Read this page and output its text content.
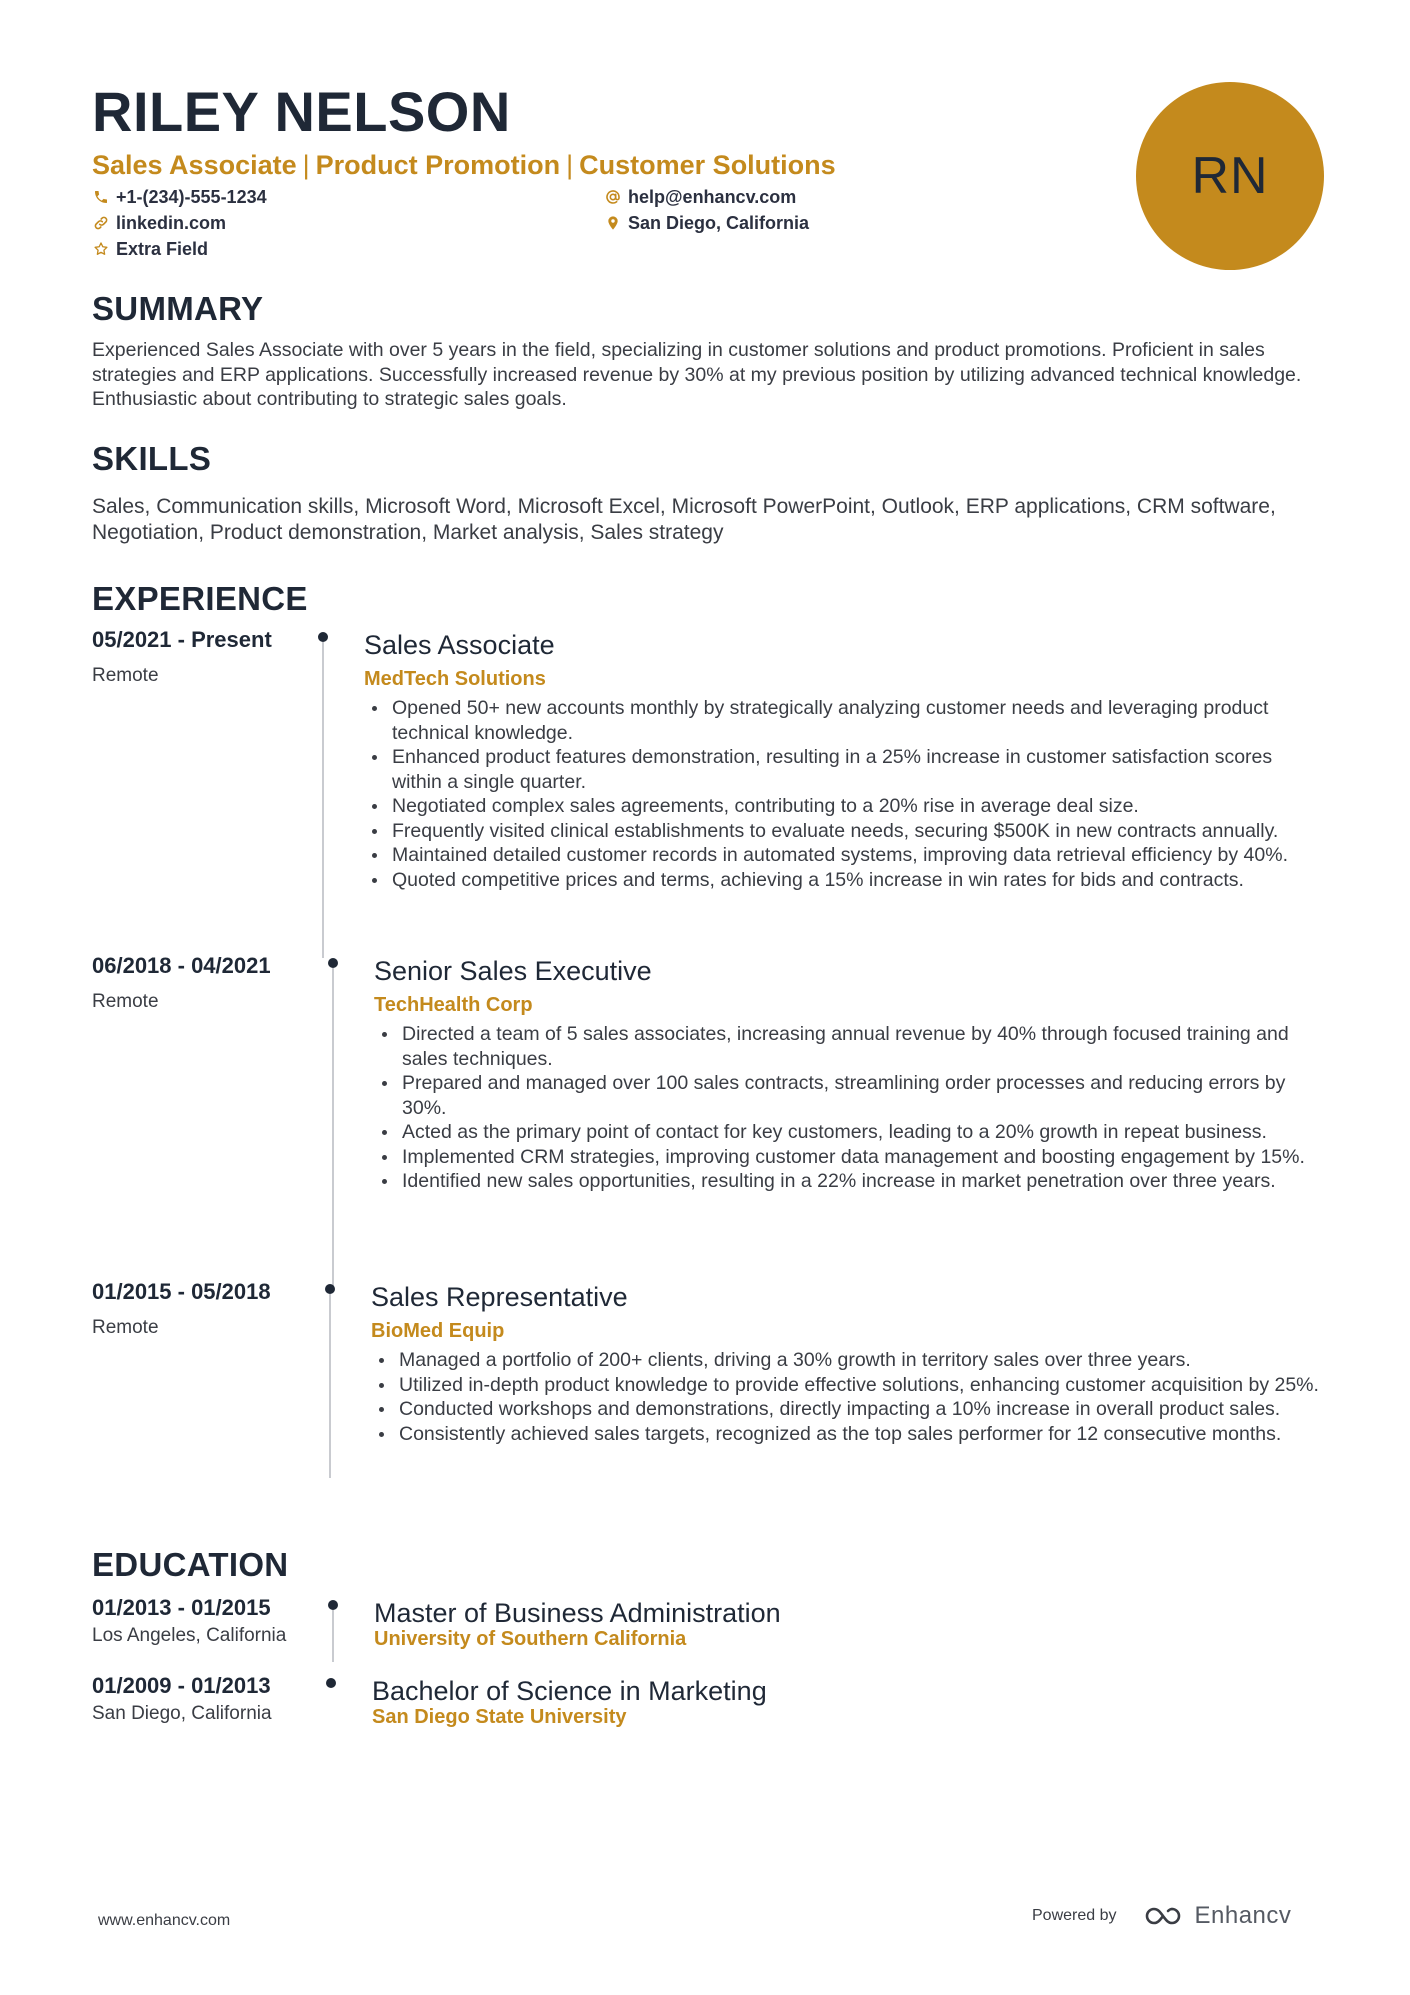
RILEY NELSON
Sales Associate | Product Promotion | Customer Solutions
+1-(234)-555-1234	help@enhancv.com
linkedin.com	San Diego, California
Extra Field
RN
SUMMARY
Experienced Sales Associate with over 5 years in the field, specializing in customer solutions and product promotions. Proficient in sales strategies and ERP applications. Successfully increased revenue by 30% at my previous position by utilizing advanced technical knowledge. Enthusiastic about contributing to strategic sales goals.
SKILLS
Sales, Communication skills, Microsoft Word, Microsoft Excel, Microsoft PowerPoint, Outlook, ERP applications, CRM software, Negotiation, Product demonstration, Market analysis, Sales strategy
EXPERIENCE
05/2021 - Present
Remote
Sales Associate
MedTech Solutions
Opened 50+ new accounts monthly by strategically analyzing customer needs and leveraging product technical knowledge.
Enhanced product features demonstration, resulting in a 25% increase in customer satisfaction scores within a single quarter.
Negotiated complex sales agreements, contributing to a 20% rise in average deal size.
Frequently visited clinical establishments to evaluate needs, securing $500K in new contracts annually.
Maintained detailed customer records in automated systems, improving data retrieval efficiency by 40%.
Quoted competitive prices and terms, achieving a 15% increase in win rates for bids and contracts.
06/2018 - 04/2021
Remote
Senior Sales Executive
TechHealth Corp
Directed a team of 5 sales associates, increasing annual revenue by 40% through focused training and sales techniques.
Prepared and managed over 100 sales contracts, streamlining order processes and reducing errors by 30%.
Acted as the primary point of contact for key customers, leading to a 20% growth in repeat business.
Implemented CRM strategies, improving customer data management and boosting engagement by 15%.
Identified new sales opportunities, resulting in a 22% increase in market penetration over three years.
01/2015 - 05/2018
Remote
Sales Representative
BioMed Equip
Managed a portfolio of 200+ clients, driving a 30% growth in territory sales over three years.
Utilized in-depth product knowledge to provide effective solutions, enhancing customer acquisition by 25%.
Conducted workshops and demonstrations, directly impacting a 10% increase in overall product sales.
Consistently achieved sales targets, recognized as the top sales performer for 12 consecutive months.
EDUCATION
01/2013 - 01/2015
Los Angeles, California
Master of Business Administration
University of Southern California
01/2009 - 01/2013
San Diego, California
Bachelor of Science in Marketing
San Diego State University
www.enhancv.com	Powered by	Enhancv
